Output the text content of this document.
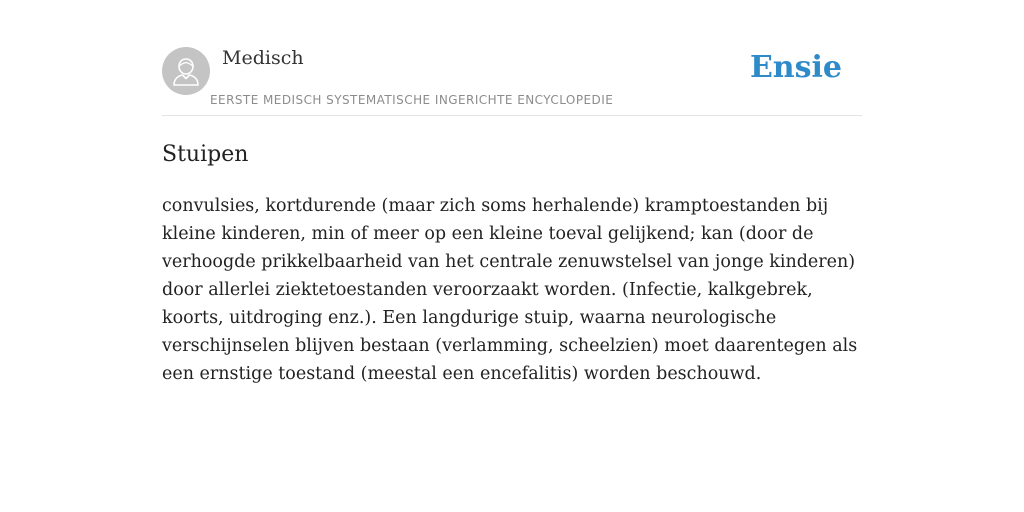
Medisch
EERSTE MEDISCH SYSTEMATISCHE INGERICHTE ENCYCLOPEDIE
Ensie
Stuipen

convulsies, kortdurende (maar zich soms herhalende) kramptoestanden bij kleine kinderen, min of meer op een kleine toeval gelijkend; kan (door de verhoogde prikkelbaarheid van het centrale zenuwstelsel van jonge kinderen) door allerlei ziektetoestanden veroorzaakt worden. (Infectie, kalkgebrek, koorts, uitdroging enz.). Een langdurige stuip, waarna neurologische verschijnselen blijven bestaan (verlamming, scheelzien) moet daarentegen als een ernstige toestand (meestal een encefalitis) worden beschouwd.
